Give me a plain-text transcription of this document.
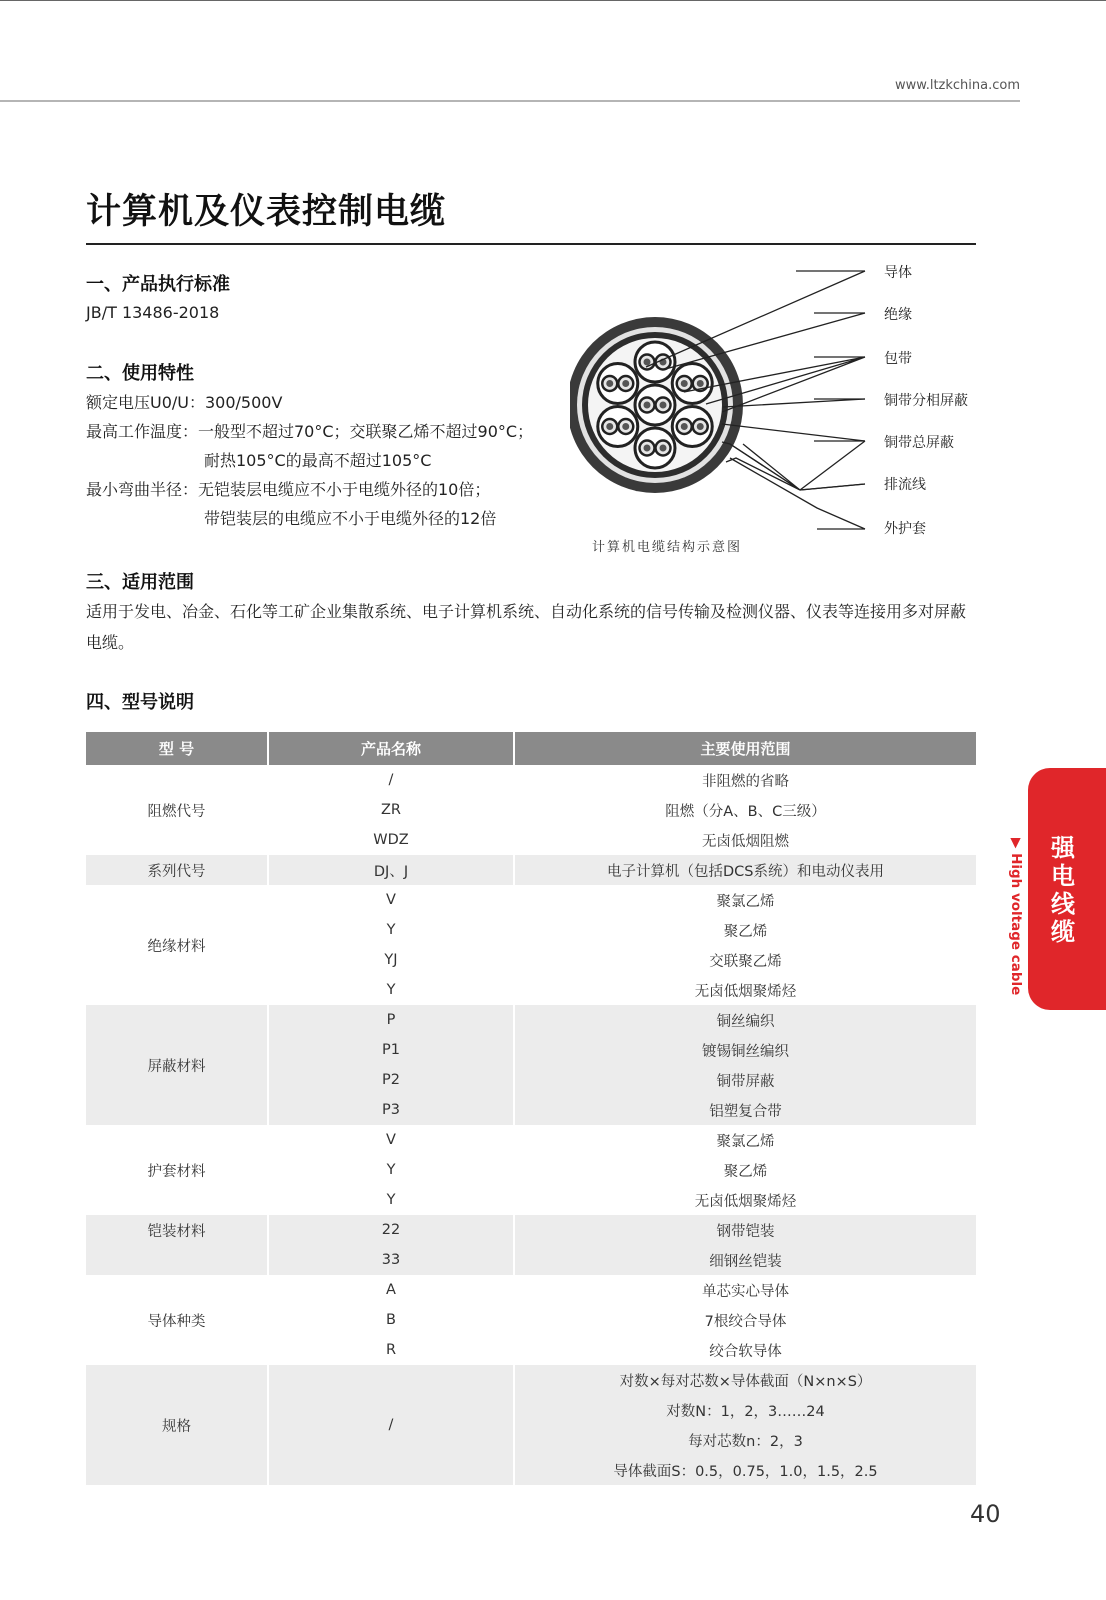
www.ltzkchina.com
计算机及仪表控制电缆
一、产品执行标准
JB/T 13486-2018
二、使用特性
额定电压U0/U：300/500V
最高工作温度：一般型不超过70°C；交联聚乙烯不超过90°C；
耐热105°C的最高不超过105°C
最小弯曲半径：无铠装层电缆应不小于电缆外径的10倍；
带铠装层的电缆应不小于电缆外径的12倍
导体
绝缘
包带
铜带分相屏蔽
铜带总屏蔽
排流线
外护套
计算机电缆结构示意图
三、适用范围
适用于发电、冶金、石化等工矿企业集散系统、电子计算机系统、自动化系统的信号传输及检测仪器、仪表等连接用多对屏蔽电缆。
四、型号说明
型 号	产品名称	主要使用范围
阻燃代号	/	非阻燃的省略
	ZR	阻燃（分A、B、C三级）
	WDZ	无卤低烟阻燃
系列代号	DJ、J	电子计算机（包括DCS系统）和电动仪表用
绝缘材料	V	聚氯乙烯
	Y	聚乙烯
	YJ	交联聚乙烯
	Y	无卤低烟聚烯烃
屏蔽材料	P	铜丝编织
	P1	镀锡铜丝编织
	P2	铜带屏蔽
	P3	铝塑复合带
护套材料	V	聚氯乙烯
	Y	聚乙烯
	Y	无卤低烟聚烯烃
铠装材料	22	钢带铠装
	33	细钢丝铠装
导体种类	A	单芯实心导体
	B	7根绞合导体
	R	绞合软导体
规格	/	对数×每对芯数×导体截面（N×n×S）
		对数N：1，2，3……24
		每对芯数n：2，3
		导体截面S：0.5，0.75，1.0，1.5，2.5
强电线缆
▶ High voltage cable
40
